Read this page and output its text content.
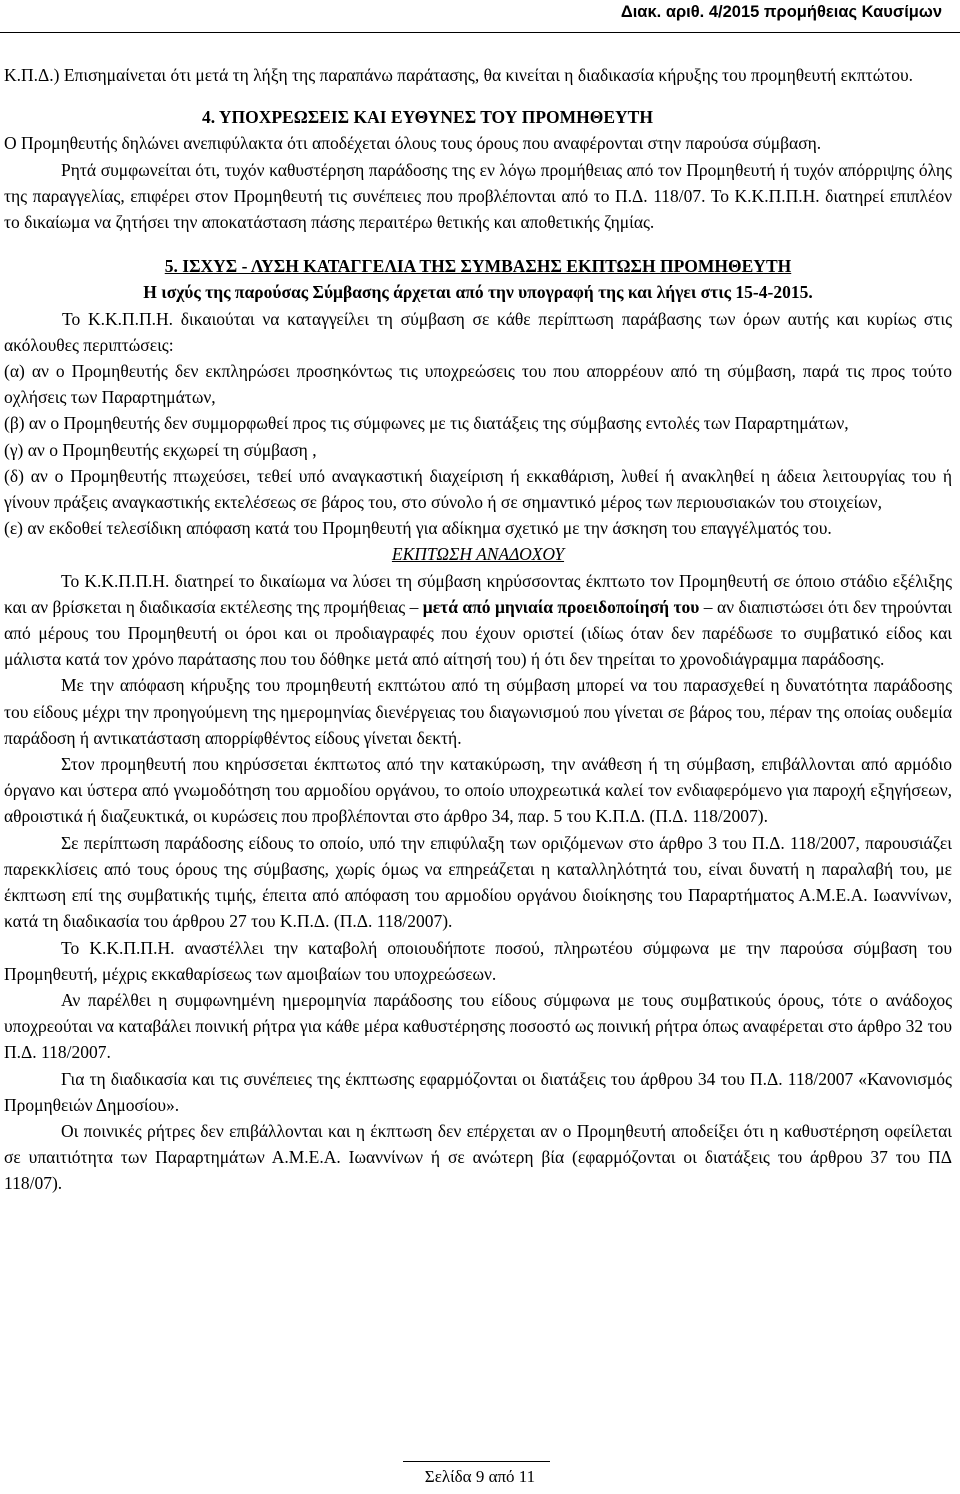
Διακ. αριθ. 4/2015 προμήθειας Καυσίμων

Κ.Π.Δ.) Επισημαίνεται ότι μετά τη λήξη της παραπάνω παράτασης, θα κινείται η διαδικασία κήρυξης του προμηθευτή εκπτώτου.

4. ΥΠΟΧΡΕΩΣΕΙΣ ΚΑΙ ΕΥΘΥΝΕΣ ΤΟΥ ΠΡΟΜΗΘΕΥΤΗ

Ο Προμηθευτής δηλώνει ανεπιφύλακτα ότι αποδέχεται όλους τους όρους που αναφέρονται στην παρούσα σύμβαση.

Ρητά συμφωνείται ότι, τυχόν καθυστέρηση παράδοσης της εν λόγω προμήθειας από τον Προμηθευτή ή τυχόν απόρριψης όλης της παραγγελίας, επιφέρει στον Προμηθευτή τις συνέπειες που προβλέπονται από το Π.Δ. 118/07. Το Κ.Κ.Π.Π.Η. διατηρεί επιπλέον το δικαίωμα να ζητήσει την αποκατάσταση πάσης περαιτέρω θετικής και αποθετικής ζημίας.

5. ΙΣΧΥΣ - ΛΥΣΗ ΚΑΤΑΓΓΕΛΙΑ ΤΗΣ ΣΥΜΒΑΣΗΣ ΕΚΠΤΩΣΗ ΠΡΟΜΗΘΕΥΤΗ

Η ισχύς της παρούσας Σύμβασης άρχεται από την υπογραφή της και λήγει στις 15-4-2015.

Το Κ.Κ.Π.Π.Η. δικαιούται να καταγγείλει τη σύμβαση σε κάθε περίπτωση παράβασης των όρων αυτής και κυρίως στις ακόλουθες περιπτώσεις:

(α) αν ο Προμηθευτής δεν εκπληρώσει προσηκόντως τις υποχρεώσεις του που απορρέουν από τη σύμβαση, παρά τις προς τούτο οχλήσεις των Παραρτημάτων,

(β) αν ο Προμηθευτής δεν συμμορφωθεί προς τις σύμφωνες με τις διατάξεις της σύμβασης εντολές των Παραρτημάτων,

(γ) αν ο Προμηθευτής εκχωρεί τη σύμβαση ,

(δ) αν ο Προμηθευτής πτωχεύσει, τεθεί υπό αναγκαστική διαχείριση ή εκκαθάριση, λυθεί ή ανακληθεί η άδεια λειτουργίας του ή γίνουν πράξεις αναγκαστικής εκτελέσεως σε βάρος του, στο σύνολο ή σε σημαντικό μέρος των περιουσιακών του στοιχείων,

(ε) αν εκδοθεί τελεσίδικη απόφαση κατά του Προμηθευτή για αδίκημα σχετικό με την άσκηση του επαγγέλματός του.

ΕΚΠΤΩΣΗ ΑΝΑΔΟΧΟΥ

Το Κ.Κ.Π.Π.Η. διατηρεί το δικαίωμα να λύσει τη σύμβαση κηρύσσοντας έκπτωτο τον Προμηθευτή σε όποιο στάδιο εξέλιξης και αν βρίσκεται η διαδικασία εκτέλεσης της προμήθειας – μετά από μηνιαία προειδοποίησή του – αν διαπιστώσει ότι δεν τηρούνται από μέρους του Προμηθευτή οι όροι και οι προδιαγραφές που έχουν οριστεί (ιδίως όταν δεν παρέδωσε το συμβατικό είδος και μάλιστα κατά τον χρόνο παράτασης που του δόθηκε μετά από αίτησή του) ή ότι δεν τηρείται το χρονοδιάγραμμα παράδοσης.

Με την απόφαση κήρυξης του προμηθευτή εκπτώτου από τη σύμβαση μπορεί να του παρασχεθεί η δυνατότητα παράδοσης του είδους μέχρι την προηγούμενη της ημερομηνίας διενέργειας του διαγωνισμού που γίνεται σε βάρος του, πέραν της οποίας ουδεμία παράδοση ή αντικατάσταση απορρίφθέντος είδους γίνεται δεκτή.

Στον προμηθευτή που κηρύσσεται έκπτωτος από την κατακύρωση, την ανάθεση ή τη σύμβαση, επιβάλλονται από αρμόδιο όργανο και ύστερα από γνωμοδότηση του αρμοδίου οργάνου, το οποίο υποχρεωτικά καλεί τον ενδιαφερόμενο για παροχή εξηγήσεων, αθροιστικά ή διαζευκτικά, οι κυρώσεις που προβλέπονται στο άρθρο 34, παρ. 5 του Κ.Π.Δ. (Π.Δ. 118/2007).

Σε περίπτωση παράδοσης είδους το οποίο, υπό την επιφύλαξη των οριζόμενων στο άρθρο 3 του Π.Δ. 118/2007, παρουσιάζει παρεκκλίσεις από τους όρους της σύμβασης, χωρίς όμως να επηρεάζεται η καταλληλότητά του, είναι δυνατή η παραλαβή του, με έκπτωση επί της συμβατικής τιμής, έπειτα από απόφαση του αρμοδίου οργάνου διοίκησης του Παραρτήματος Α.Μ.Ε.Α. Ιωαννίνων, κατά τη διαδικασία του άρθρου 27 του Κ.Π.Δ. (Π.Δ. 118/2007).

Το Κ.Κ.Π.Π.Η. αναστέλλει την καταβολή οποιουδήποτε ποσού, πληρωτέου σύμφωνα με την παρούσα σύμβαση του Προμηθευτή, μέχρις εκκαθαρίσεως των αμοιβαίων του υποχρεώσεων.

Αν παρέλθει η συμφωνημένη ημερομηνία παράδοσης του είδους σύμφωνα με τους συμβατικούς όρους, τότε ο ανάδοχος υποχρεούται να καταβάλει ποινική ρήτρα για κάθε μέρα καθυστέρησης ποσοστό ως ποινική ρήτρα όπως αναφέρεται στο άρθρο 32 του Π.Δ. 118/2007.

Για τη διαδικασία και τις συνέπειες της έκπτωσης εφαρμόζονται οι διατάξεις του άρθρου 34 του Π.Δ. 118/2007 «Κανονισμός Προμηθειών Δημοσίου».

Οι ποινικές ρήτρες δεν επιβάλλονται και η έκπτωση δεν επέρχεται αν ο Προμηθευτή αποδείξει ότι η καθυστέρηση οφείλεται σε υπαιτιότητα των Παραρτημάτων Α.Μ.Ε.Α. Ιωαννίνων ή σε ανώτερη βία (εφαρμόζονται οι διατάξεις του άρθρου 37 του ΠΔ 118/07).

Σελίδα 9 από 11
